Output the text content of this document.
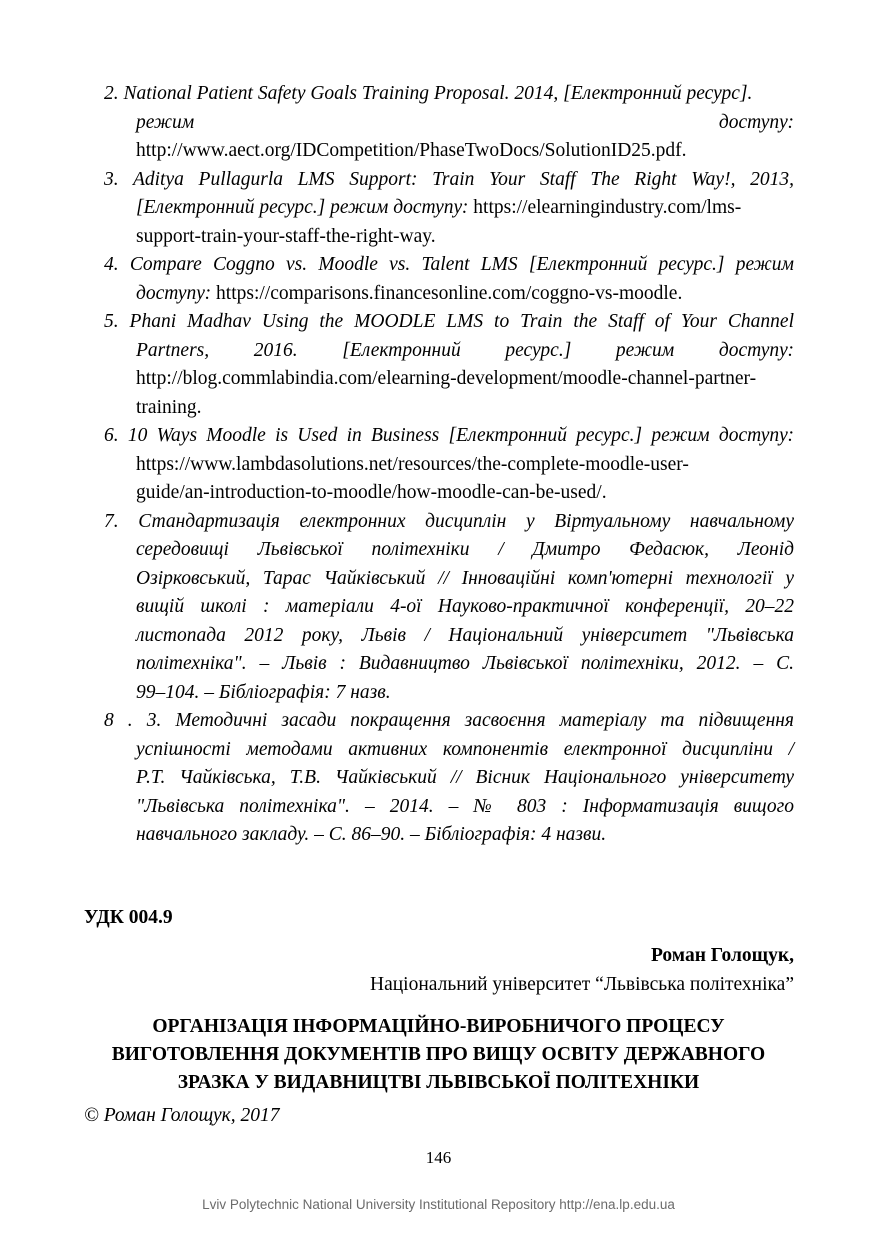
2. National Patient Safety Goals Training Proposal. 2014, [Електронний ресурс].
режим доступу:
http://www.aect.org/IDCompetition/PhaseTwoDocs/SolutionID25.pdf.
3. Aditya Pullagurla LMS Support: Train Your Staff The Right Way!, 2013,
[Електронний ресурс.] режим доступу: https://elearningindustry.com/lms-
support-train-your-staff-the-right-way.
4. Compare Coggno vs. Moodle vs. Talent LMS [Електронний ресурс.] режим
доступу: https://comparisons.financesonline.com/coggno-vs-moodle.
5. Phani Madhav Using the MOODLE LMS to Train the Staff of Your Channel
Partners, 2016. [Електронний ресурс.] режим доступу:
http://blog.commlabindia.com/elearning-development/moodle-channel-partner-
training.
6. 10 Ways Moodle is Used in Business [Електронний ресурс.] режим доступу:
https://www.lambdasolutions.net/resources/the-complete-moodle-user-
guide/an-introduction-to-moodle/how-moodle-can-be-used/.
7. Стандартизація електронних дисциплін у Віртуальному навчальному
середовищі Львівської політехніки / Дмитро Федасюк, Леонід
Озірковський, Тарас Чайківський // Інноваційні комп'ютерні технології у
вищій школі : матеріали 4-ої Науково-практичної конференції, 20–22
листопада 2012 року, Львів / Національний університет "Львівська
політехніка". – Львів : Видавництво Львівської політехніки, 2012. – С.
99–104. – Бібліографія: 7 назв.
8 . 3. Методичні засади покращення засвоєння матеріалу та підвищення
успішності методами активних компонентів електронної дисципліни /
Р.Т. Чайківська, Т.В. Чайківський // Вісник Національного університету
"Львівська політехніка". – 2014. – № 803 : Інформатизація вищого
навчального закладу. – С. 86–90. – Бібліографія: 4 назви.
УДК 004.9
Роман Голощук,
Національний університет “Львівська політехніка”
ОРГАНІЗАЦІЯ ІНФОРМАЦІЙНО-ВИРОБНИЧОГО ПРОЦЕСУ
ВИГОТОВЛЕННЯ ДОКУМЕНТІВ ПРО ВИЩУ ОСВІТУ ДЕРЖАВНОГО
ЗРАЗКА У ВИДАВНИЦТВІ ЛЬВІВСЬКОЇ ПОЛІТЕХНІКИ
© Роман Голощук, 2017
146
Lviv Polytechnic National University Institutional Repository http://ena.lp.edu.ua
